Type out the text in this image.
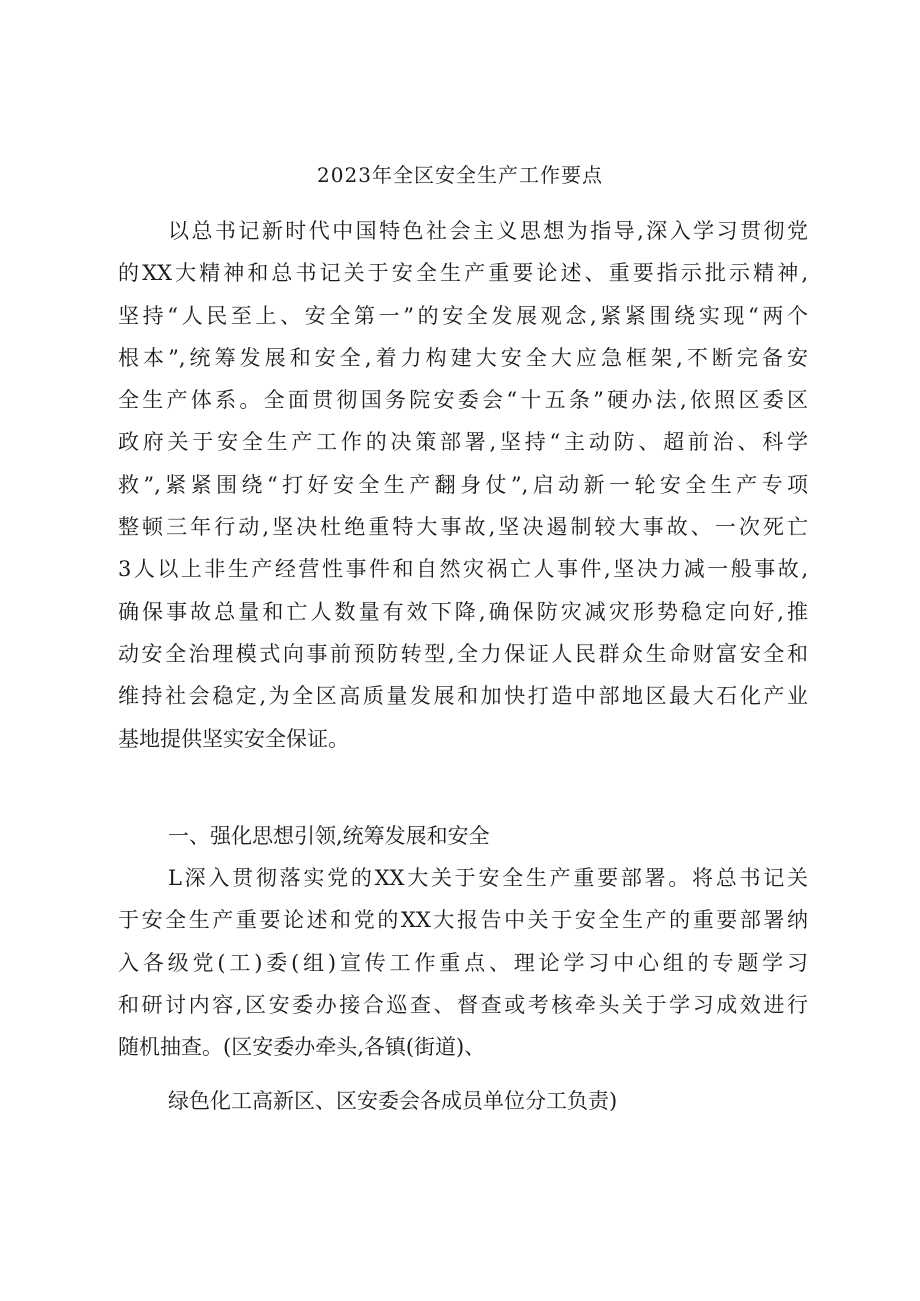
2023年全区安全生产工作要点
以总书记新时代中国特色社会主义思想为指导,深入学习贯彻党
的XX大精神和总书记关于安全生产重要论述、重要指示批示精神,
坚持“人民至上、安全第一”的安全发展观念,紧紧围绕实现“两个
根本”,统筹发展和安全,着力构建大安全大应急框架,不断完备安
全生产体系。全面贯彻国务院安委会“十五条”硬办法,依照区委区
政府关于安全生产工作的决策部署,坚持“主动防、超前治、科学
救”,紧紧围绕“打好安全生产翻身仗”,启动新一轮安全生产专项
整顿三年行动,坚决杜绝重特大事故,坚决遏制较大事故、一次死亡
3人以上非生产经营性事件和自然灾祸亡人事件,坚决力减一般事故,
确保事故总量和亡人数量有效下降,确保防灾减灾形势稳定向好,推
动安全治理模式向事前预防转型,全力保证人民群众生命财富安全和
维持社会稳定,为全区高质量发展和加快打造中部地区最大石化产业
基地提供坚实安全保证。
一、强化思想引领,统筹发展和安全
L深入贯彻落实党的XX大关于安全生产重要部署。将总书记关
于安全生产重要论述和党的XX大报告中关于安全生产的重要部署纳
入各级党(工)委(组)宣传工作重点、理论学习中心组的专题学习
和研讨内容,区安委办接合巡查、督查或考核牵头关于学习成效进行
随机抽查。(区安委办牵头,各镇(街道)、
绿色化工高新区、区安委会各成员单位分工负责)
